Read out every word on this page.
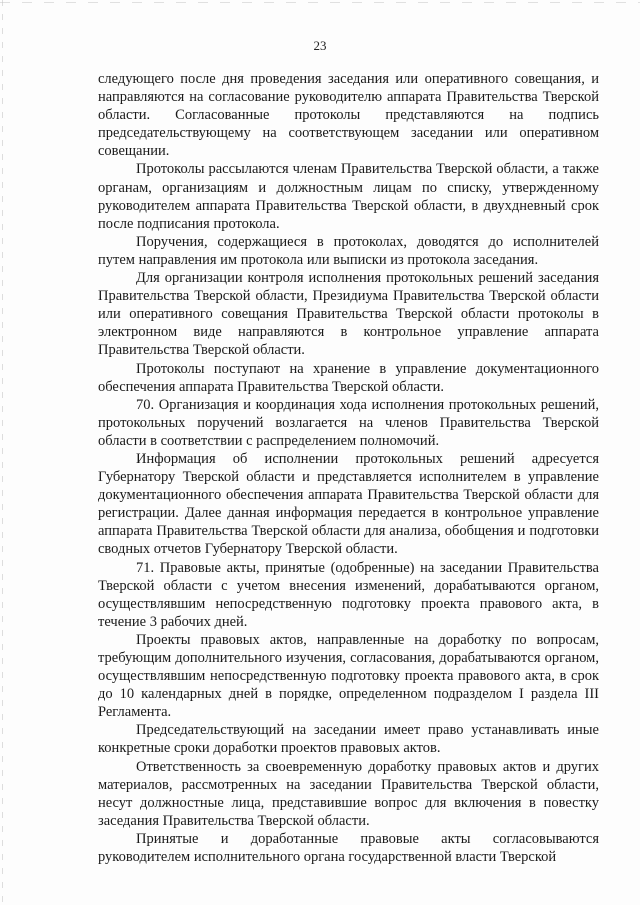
23

следующего после дня проведения заседания или оперативного совещания, и направляются на согласование руководителю аппарата Правительства Тверской области. Согласованные протоколы представляются на подпись председательствующему на соответствующем заседании или оперативном совещании.

Протоколы рассылаются членам Правительства Тверской области, а также органам, организациям и должностным лицам по списку, утвержденному руководителем аппарата Правительства Тверской области, в двухдневный срок после подписания протокола.

Поручения, содержащиеся в протоколах, доводятся до исполнителей путем направления им протокола или выписки из протокола заседания.

Для организации контроля исполнения протокольных решений заседания Правительства Тверской области, Президиума Правительства Тверской области или оперативного совещания Правительства Тверской области протоколы в электронном виде направляются в контрольное управление аппарата Правительства Тверской области.

Протоколы поступают на хранение в управление документационного обеспечения аппарата Правительства Тверской области.

70. Организация и координация хода исполнения протокольных решений, протокольных поручений возлагается на членов Правительства Тверской области в соответствии с распределением полномочий.

Информация об исполнении протокольных решений адресуется Губернатору Тверской области и представляется исполнителем в управление документационного обеспечения аппарата Правительства Тверской области для регистрации. Далее данная информация передается в контрольное управление аппарата Правительства Тверской области для анализа, обобщения и подготовки сводных отчетов Губернатору Тверской области.

71. Правовые акты, принятые (одобренные) на заседании Правительства Тверской области с учетом внесения изменений, дорабатываются органом, осуществлявшим непосредственную подготовку проекта правового акта, в течение 3 рабочих дней.

Проекты правовых актов, направленные на доработку по вопросам, требующим дополнительного изучения, согласования, дорабатываются органом, осуществлявшим непосредственную подготовку проекта правового акта, в срок до 10 календарных дней в порядке, определенном подразделом I раздела III Регламента.

Председательствующий на заседании имеет право устанавливать иные конкретные сроки доработки проектов правовых актов.

Ответственность за своевременную доработку правовых актов и других материалов, рассмотренных на заседании Правительства Тверской области, несут должностные лица, представившие вопрос для включения в повестку заседания Правительства Тверской области.

Принятые и доработанные правовые акты согласовываются руководителем исполнительного органа государственной власти Тверской
